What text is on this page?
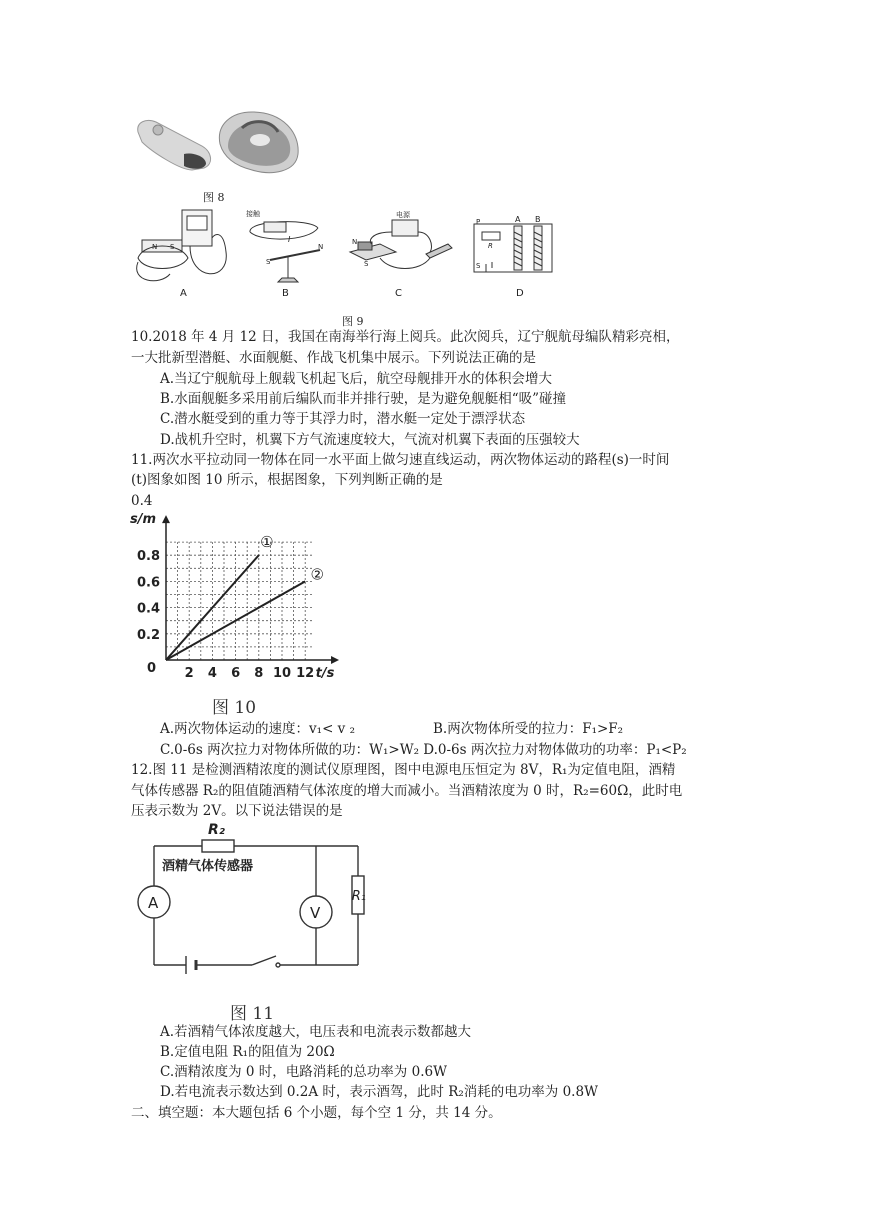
图 8
N S
A
接触
I
N
S
B
电源
N
S
C
P
R
A B
S
D
图 9
10.2018 年 4 月 12 日，我国在南海举行海上阅兵。此次阅兵，辽宁舰航母编队精彩亮相，
一大批新型潜艇、水面舰艇、作战飞机集中展示。下列说法正确的是
A.当辽宁舰航母上舰载飞机起飞后，航空母舰排开水的体积会增大
B.水面舰艇多采用前后编队而非并排行驶，是为避免舰艇相“吸”碰撞
C.潜水艇受到的重力等于其浮力时，潜水艇一定处于漂浮状态
D.战机升空时，机翼下方气流速度较大，气流对机翼下表面的压强较大
11.两次水平拉动同一物体在同一水平面上做匀速直线运动，两次物体运动的路程(s)一时间
(t)图象如图 10 所示，根据图象，下列判断正确的是
0.4
2 4 6 8 10 12
0.2
0.4
0.6
0.8
0	t/s
s/m
①
②
图 10
A.两次物体运动的速度：v₁< v ₂	B.两次物体所受的拉力：F₁>F₂
C.0-6s 两次拉力对物体所做的功：W₁>W₂ D.0-6s 两次拉力对物体做功的功率：P₁<P₂
12.图 11 是检测酒精浓度的测试仪原理图，图中电源电压恒定为 8V，R₁为定值电阻，酒精
气体传感器 R₂的阻值随酒精气体浓度的增大而减小。当酒精浓度为 0 时，R₂=60Ω，此时电
压表示数为 2V。以下说法错误的是
A
V
R₂
酒精气体传感器
R₁
图 11
A.若酒精气体浓度越大，电压表和电流表示数都越大
B.定值电阻 R₁的阻值为 20Ω
C.酒精浓度为 0 时，电路消耗的总功率为 0.6W
D.若电流表示数达到 0.2A 时，表示酒驾，此时 R₂消耗的电功率为 0.8W
二、填空题：本大题包括 6 个小题，每个空 1 分，共 14 分。
